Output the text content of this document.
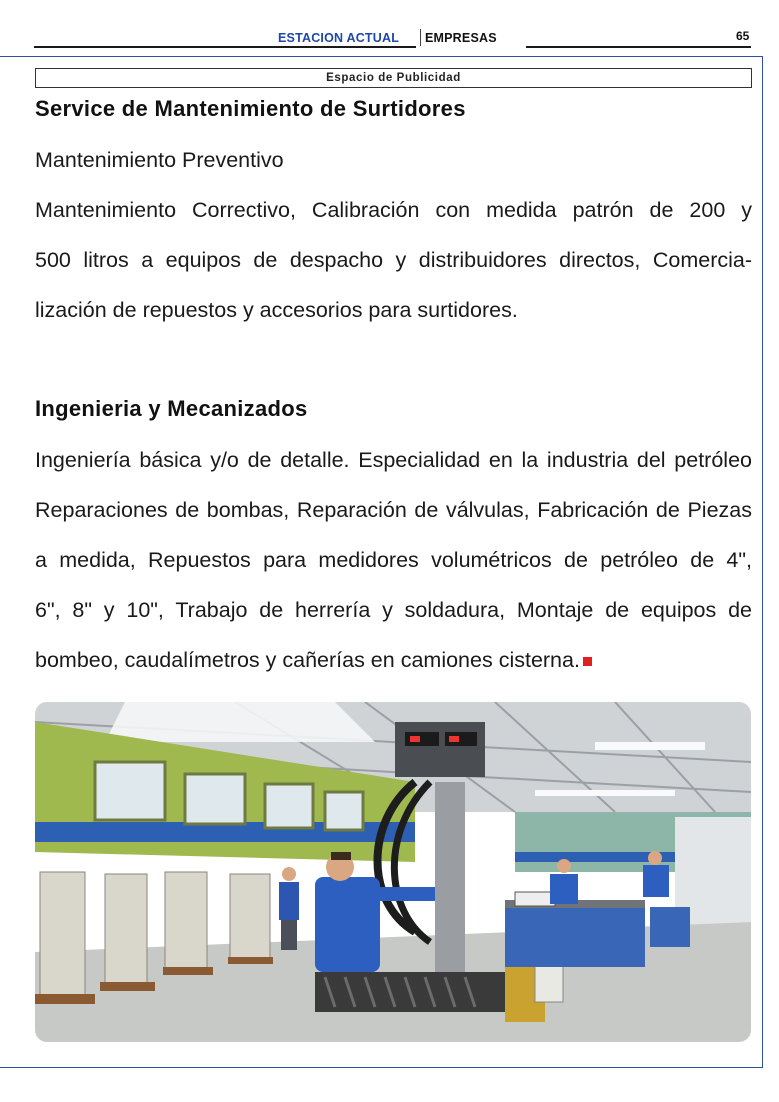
ESTACION ACTUAL EMPRESAS	65
Espacio de Publicidad
Service de Mantenimiento de Surtidores
Mantenimiento Preventivo
Mantenimiento Correctivo, Calibración con medida patrón de 200 y
500 litros a equipos de despacho y distribuidores directos, Comercia-
lización de repuestos y accesorios para surtidores.
Ingenieria y Mecanizados
Ingeniería básica y/o de detalle. Especialidad en la industria del petróleo
Reparaciones de bombas, Reparación de válvulas, Fabricación de Piezas
a medida, Repuestos para medidores volumétricos de petróleo de 4",
6", 8" y 10", Trabajo de herrería y soldadura, Montaje de equipos de
bombeo, caudalímetros y cañerías en camiones cisterna.
